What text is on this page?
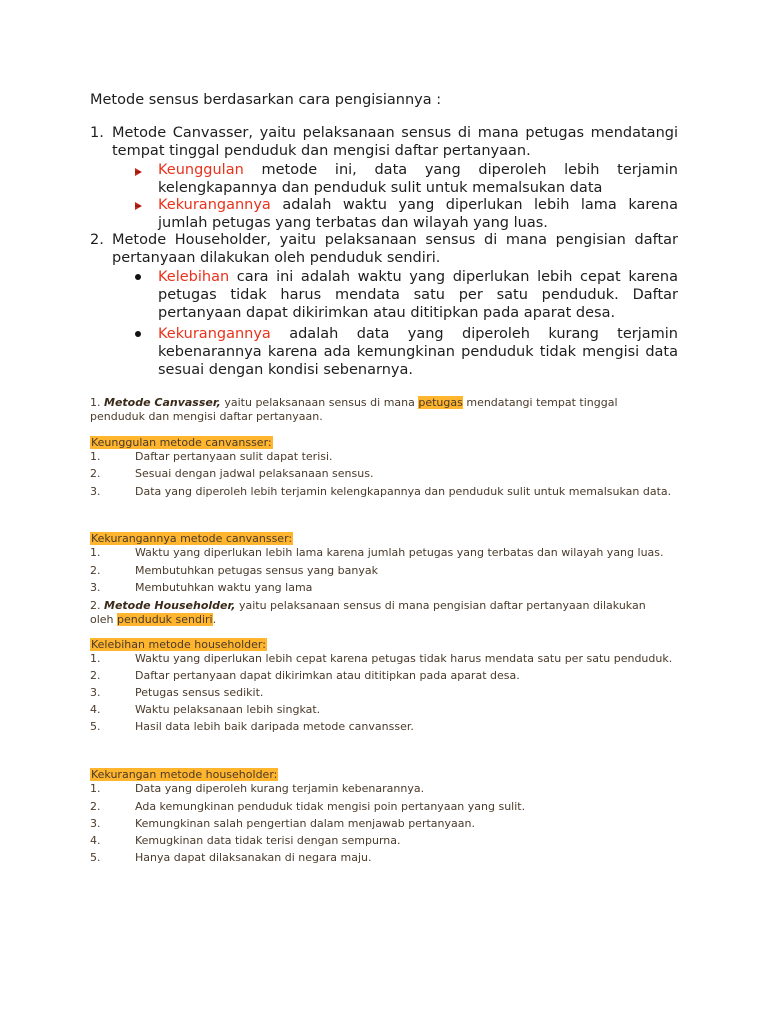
Metode sensus berdasarkan cara pengisiannya :
1. Metode Canvasser, yaitu pelaksanaan sensus di mana petugas mendatangi tempat tinggal penduduk dan mengisi daftar pertanyaan.
Keunggulan metode ini, data yang diperoleh lebih terjamin kelengkapannya dan penduduk sulit untuk memalsukan data
Kekurangannya adalah waktu yang diperlukan lebih lama karena jumlah petugas yang terbatas dan wilayah yang luas.
2. Metode Householder, yaitu pelaksanaan sensus di mana pengisian daftar pertanyaan dilakukan oleh penduduk sendiri.
Kelebihan cara ini adalah waktu yang diperlukan lebih cepat karena petugas tidak harus mendata satu per satu penduduk. Daftar pertanyaan dapat dikirimkan atau dititipkan pada aparat desa.
Kekurangannya adalah data yang diperoleh kurang terjamin kebenarannya karena ada kemungkinan penduduk tidak mengisi data sesuai dengan kondisi sebenarnya.
1. Metode Canvasser, yaitu pelaksanaan sensus di mana petugas mendatangi tempat tinggal penduduk dan mengisi daftar pertanyaan.
Keunggulan metode canvansser:
1.	Daftar pertanyaan sulit dapat terisi.
2.	Sesuai dengan jadwal pelaksanaan sensus.
3.	Data yang diperoleh lebih terjamin kelengkapannya dan penduduk sulit untuk memalsukan data.
Kekurangannya metode canvansser:
1.	Waktu yang diperlukan lebih lama karena jumlah petugas yang terbatas dan wilayah yang luas.
2.	Membutuhkan petugas sensus yang banyak
3.	Membutuhkan waktu yang lama
2. Metode Householder, yaitu pelaksanaan sensus di mana pengisian daftar pertanyaan dilakukan oleh penduduk sendiri.
Kelebihan metode householder:
1.	Waktu yang diperlukan lebih cepat karena petugas tidak harus mendata satu per satu penduduk.
2.	Daftar pertanyaan dapat dikirimkan atau dititipkan pada aparat desa.
3.	Petugas sensus sedikit.
4.	Waktu pelaksanaan lebih singkat.
5.	Hasil data lebih baik daripada metode canvansser.
Kekurangan metode householder:
1.	Data yang diperoleh kurang terjamin kebenarannya.
2.	Ada kemungkinan penduduk tidak mengisi poin pertanyaan yang sulit.
3.	Kemungkinan salah pengertian dalam menjawab pertanyaan.
4.	Kemugkinan data tidak terisi dengan sempurna.
5.	Hanya dapat dilaksanakan di negara maju.
